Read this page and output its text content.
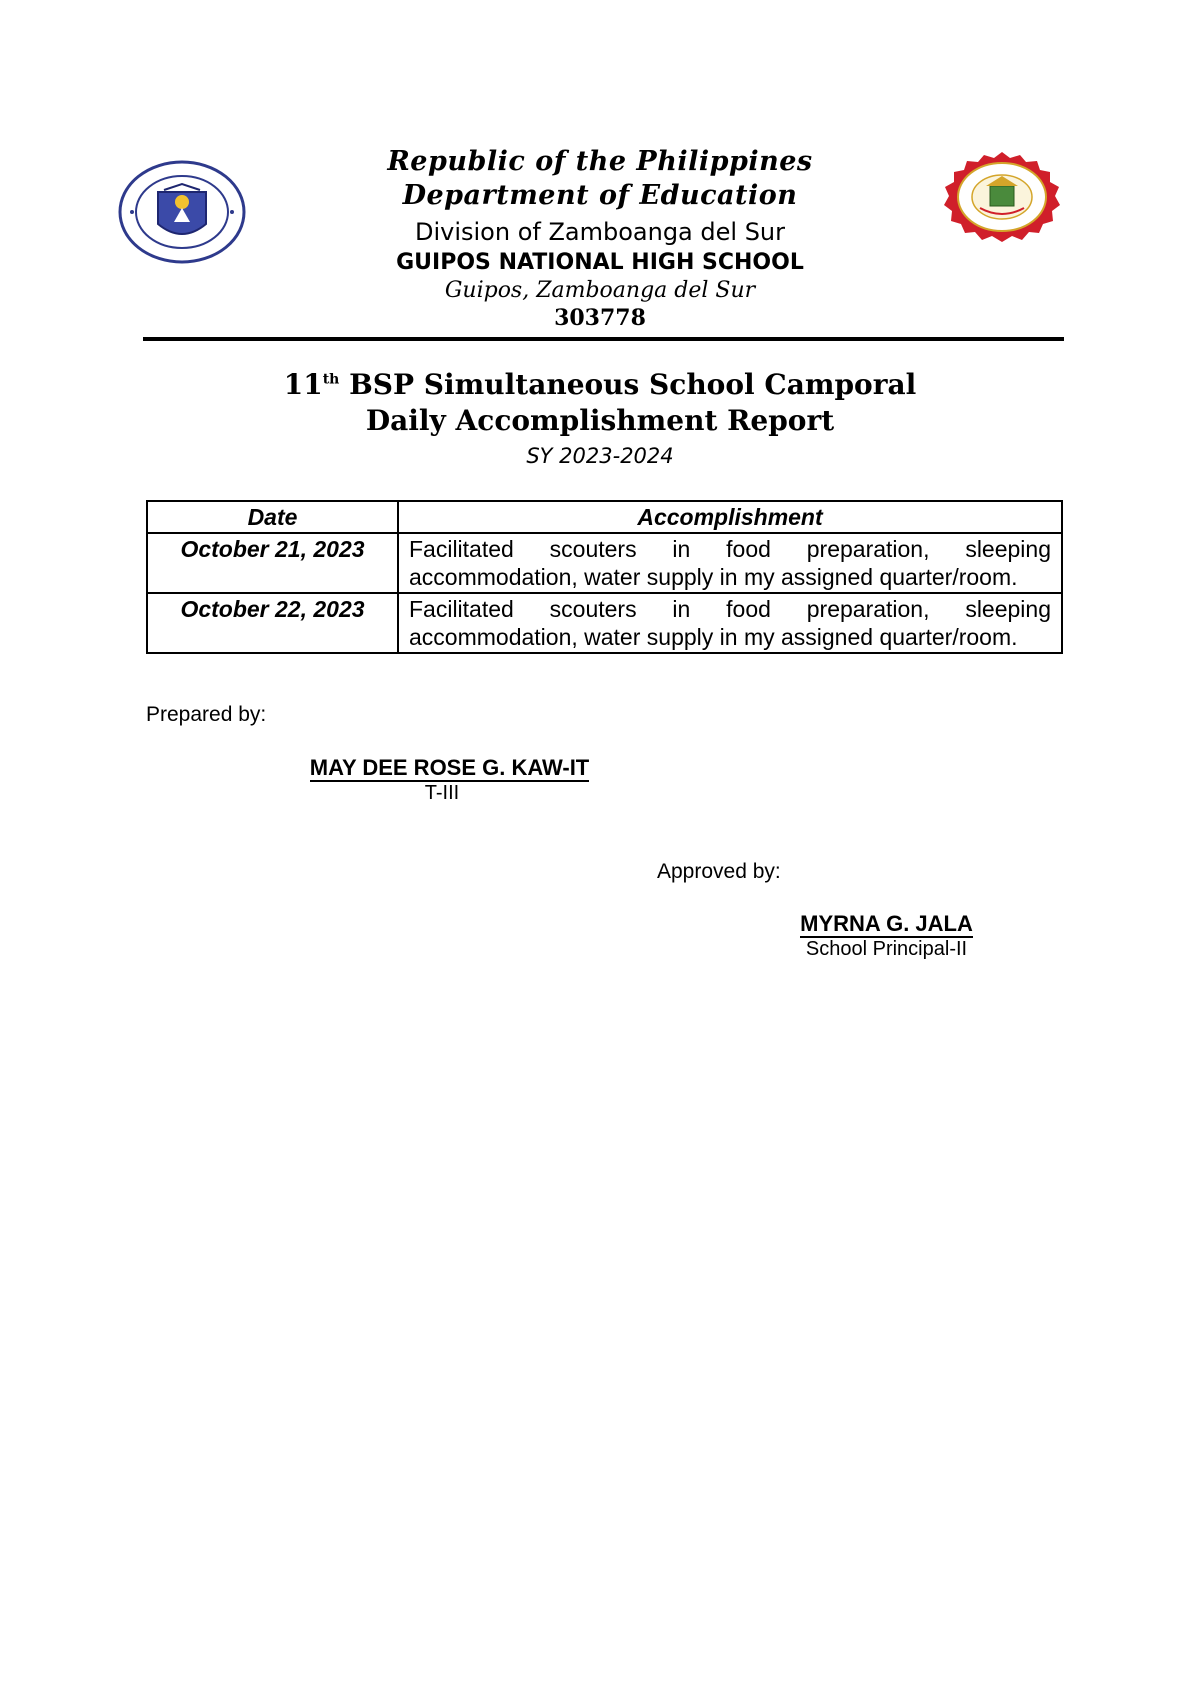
Republic of the Philippines
Department of Education
Division of Zamboanga del Sur
GUIPOS NATIONAL HIGH SCHOOL
Guipos, Zamboanga del Sur
303778
11th BSP Simultaneous School Camporal
Daily Accomplishment Report
SY 2023-2024
Date	Accomplishment
October 21, 2023	Facilitated scouters in food preparation, sleeping accommodation, water supply in my assigned quarter/room.
October 22, 2023	Facilitated scouters in food preparation, sleeping accommodation, water supply in my assigned quarter/room.
Prepared by:
MAY DEE ROSE G. KAW-IT
T-III
Approved by:
MYRNA G. JALA
School Principal-II
